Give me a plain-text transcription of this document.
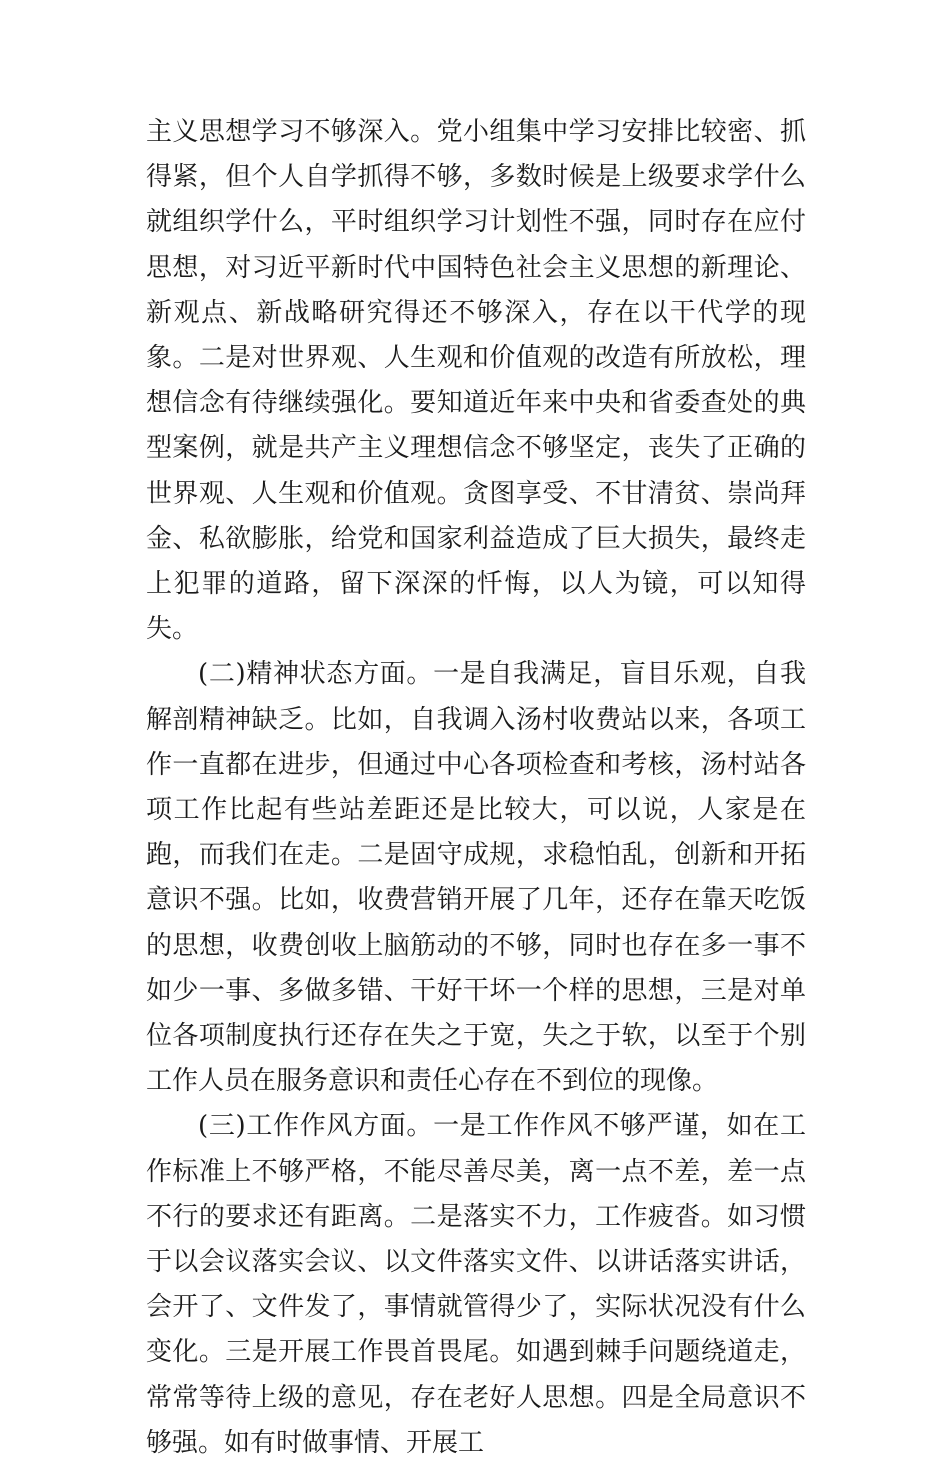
主义思想学习不够深入。党小组集中学习安排比较密、抓得紧，但个人自学抓得不够，多数时候是上级要求学什么就组织学什么，平时组织学习计划性不强，同时存在应付思想，对习近平新时代中国特色社会主义思想的新理论、新观点、新战略研究得还不够深入，存在以干代学的现象。二是对世界观、人生观和价值观的改造有所放松，理想信念有待继续强化。要知道近年来中央和省委查处的典型案例，就是共产主义理想信念不够坚定，丧失了正确的世界观、人生观和价值观。贪图享受、不甘清贫、崇尚拜金、私欲膨胀，给党和国家利益造成了巨大损失，最终走上犯罪的道路，留下深深的忏悔，以人为镜，可以知得失。

(二)精神状态方面。一是自我满足，盲目乐观，自我解剖精神缺乏。比如，自我调入汤村收费站以来，各项工作一直都在进步，但通过中心各项检查和考核，汤村站各项工作比起有些站差距还是比较大，可以说，人家是在跑，而我们在走。二是固守成规，求稳怕乱，创新和开拓意识不强。比如，收费营销开展了几年，还存在靠天吃饭的思想，收费创收上脑筋动的不够，同时也存在多一事不如少一事、多做多错、干好干坏一个样的思想，三是对单位各项制度执行还存在失之于宽，失之于软，以至于个别工作人员在服务意识和责任心存在不到位的现像。

(三)工作作风方面。一是工作作风不够严谨，如在工作标准上不够严格，不能尽善尽美，离一点不差，差一点不行的要求还有距离。二是落实不力，工作疲沓。如习惯于以会议落实会议、以文件落实文件、以讲话落实讲话，会开了、文件发了，事情就管得少了，实际状况没有什么变化。三是开展工作畏首畏尾。如遇到棘手问题绕道走，常常等待上级的意见，存在老好人思想。四是全局意识不够强。如有时做事情、开展工
